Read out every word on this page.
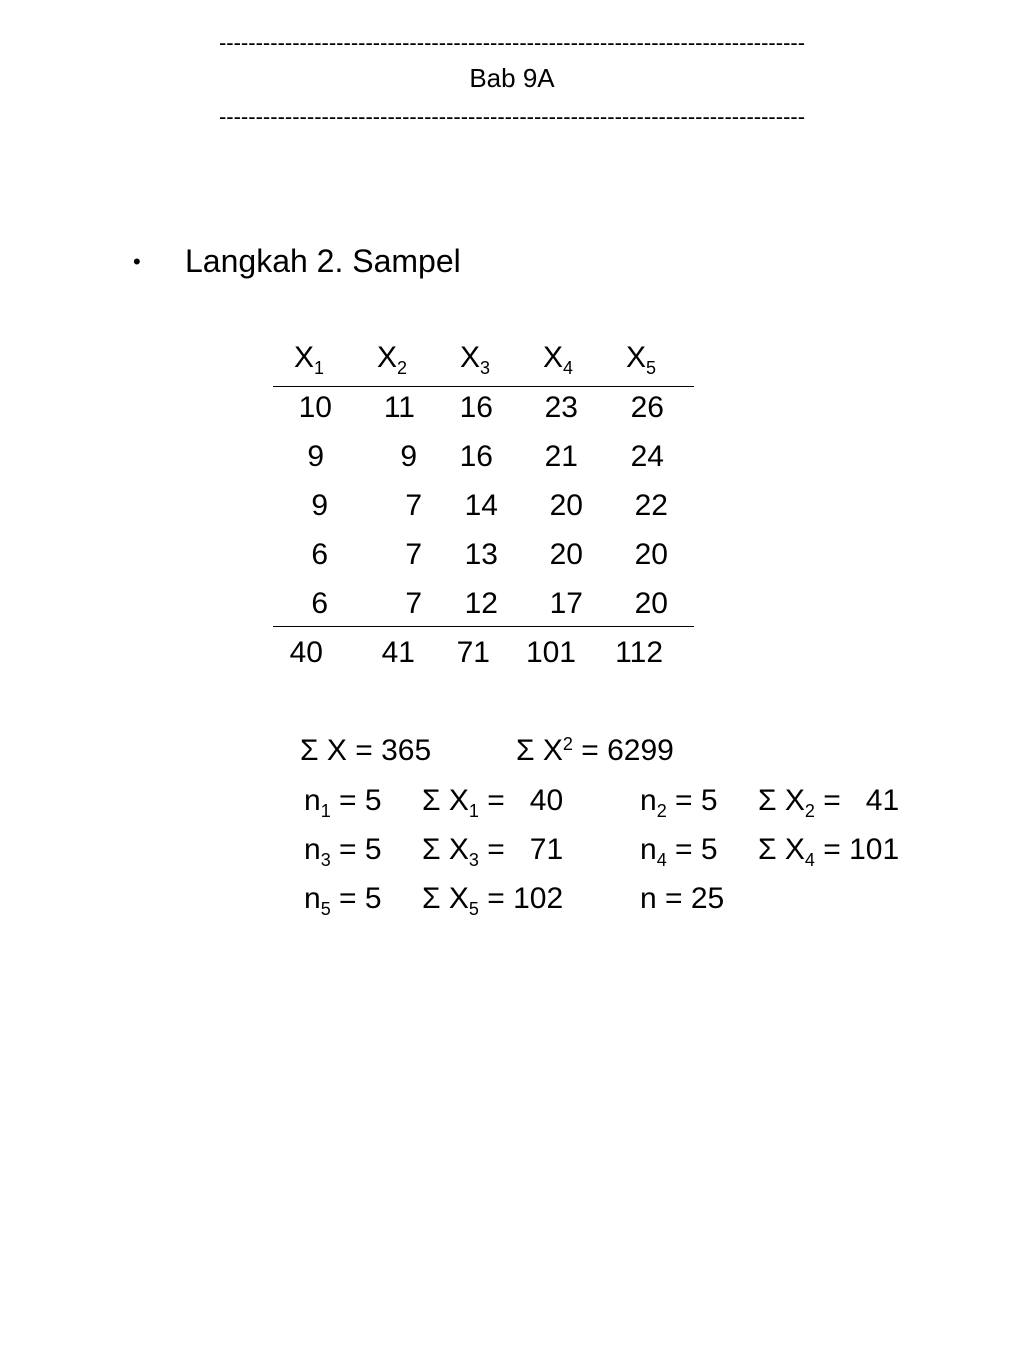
--------------------------------------------------------------------------------
Bab 9A
--------------------------------------------------------------------------------
• Langkah 2. Sampel
$X_1$ $X_2$ $X_3$ $X_4$ $X_5$
10	11	16	23	26
9	9	16	21	24
9	7	14	20	22
6	7	13	20	20
6	7	12	17	20
40	41	71	101	112
Σ X = 365	Σ $X^2 = 6299$
$n_1 = 5$ Σ $X_1 = 40$	$n_2 = 5$ Σ $X_2 = 41$
$n_3 = 5$ Σ $X_3 = 71$	$n_4 = 5$ Σ $X_4 = 101$
$n_5 = 5$ Σ $X_5 = 102$	n = 25
